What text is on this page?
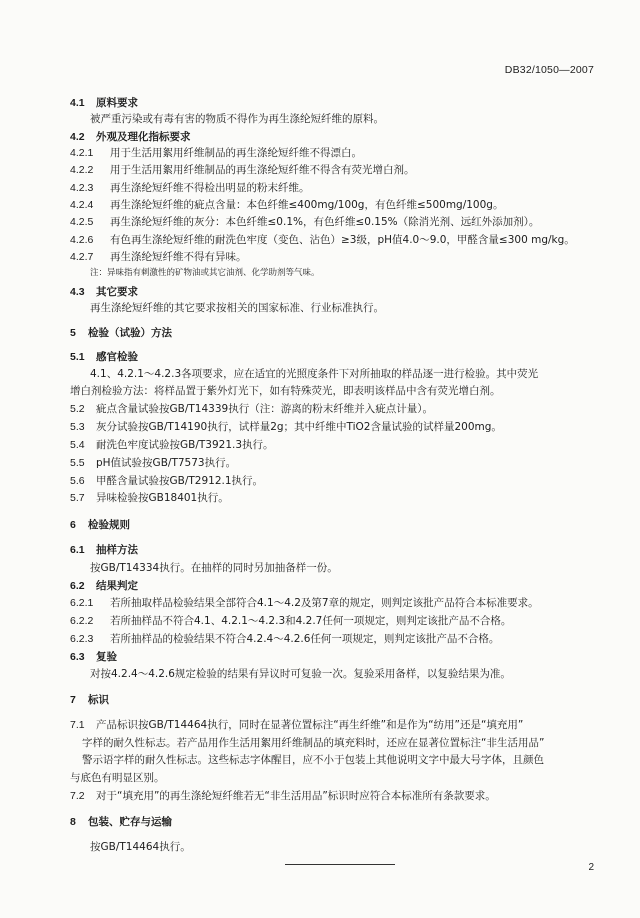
DB32/1050—2007
4.1 原料要求
被严重污染或有毒有害的物质不得作为再生涤纶短纤维的原料。
4.2 外观及理化指标要求
4.2.1 用于生活用絮用纤维制品的再生涤纶短纤维不得漂白。
4.2.2 用于生活用絮用纤维制品的再生涤纶短纤维不得含有荧光增白剂。
4.2.3 再生涤纶短纤维不得检出明显的粉末纤维。
4.2.4 再生涤纶短纤维的疵点含量：本色纤维≤400mg/100g，有色纤维≤500mg/100g。
4.2.5 再生涤纶短纤维的灰分：本色纤维≤0.1%，有色纤维≤0.15%（除消光剂、远红外添加剂）。
4.2.6 有色再生涤纶短纤维的耐洗色牢度（变色、沾色）≥3级，pH值4.0～9.0，甲醛含量≤300 mg/kg。
4.2.7 再生涤纶短纤维不得有异味。
注：异味指有刺激性的矿物油或其它油剂、化学助剂等气味。
4.3 其它要求
再生涤纶短纤维的其它要求按相关的国家标准、行业标准执行。
5 检验（试验）方法
5.1 感官检验
4.1、4.2.1～4.2.3各项要求，应在适宜的光照度条件下对所抽取的样品逐一进行检验。其中荧光
增白剂检验方法：将样品置于紫外灯光下，如有特殊荧光，即表明该样品中含有荧光增白剂。
5.2 疵点含量试验按GB/T14339执行（注：游离的粉末纤维并入疵点计量）。
5.3 灰分试验按GB/T14190执行，试样量2g；其中纤维中TiO2含量试验的试样量200mg。
5.4 耐洗色牢度试验按GB/T3921.3执行。
5.5 pH值试验按GB/T7573执行。
5.6 甲醛含量试验按GB/T2912.1执行。
5.7 异味检验按GB18401执行。
6 检验规则
6.1 抽样方法
按GB/T14334执行。在抽样的同时另加抽备样一份。
6.2 结果判定
6.2.1 若所抽取样品检验结果全部符合4.1～4.2及第7章的规定，则判定该批产品符合本标准要求。
6.2.2 若所抽样品不符合4.1、4.2.1～4.2.3和4.2.7任何一项规定，则判定该批产品不合格。
6.2.3 若所抽样品的检验结果不符合4.2.4～4.2.6任何一项规定，则判定该批产品不合格。
6.3 复验
对按4.2.4～4.2.6规定检验的结果有异议时可复验一次。复验采用备样，以复验结果为准。
7 标识
7.1 产品标识按GB/T14464执行，同时在显著位置标注“再生纤维”和是作为“纺用”还是“填充用”
字样的耐久性标志。若产品用作生活用絮用纤维制品的填充料时，还应在显著位置标注“非生活用品”
警示语字样的耐久性标志。这些标志字体醒目，应不小于包装上其他说明文字中最大号字体，且颜色
与底色有明显区别。
7.2 对于“填充用”的再生涤纶短纤维若无“非生活用品”标识时应符合本标准所有条款要求。
8 包装、贮存与运输
按GB/T14464执行。
2
